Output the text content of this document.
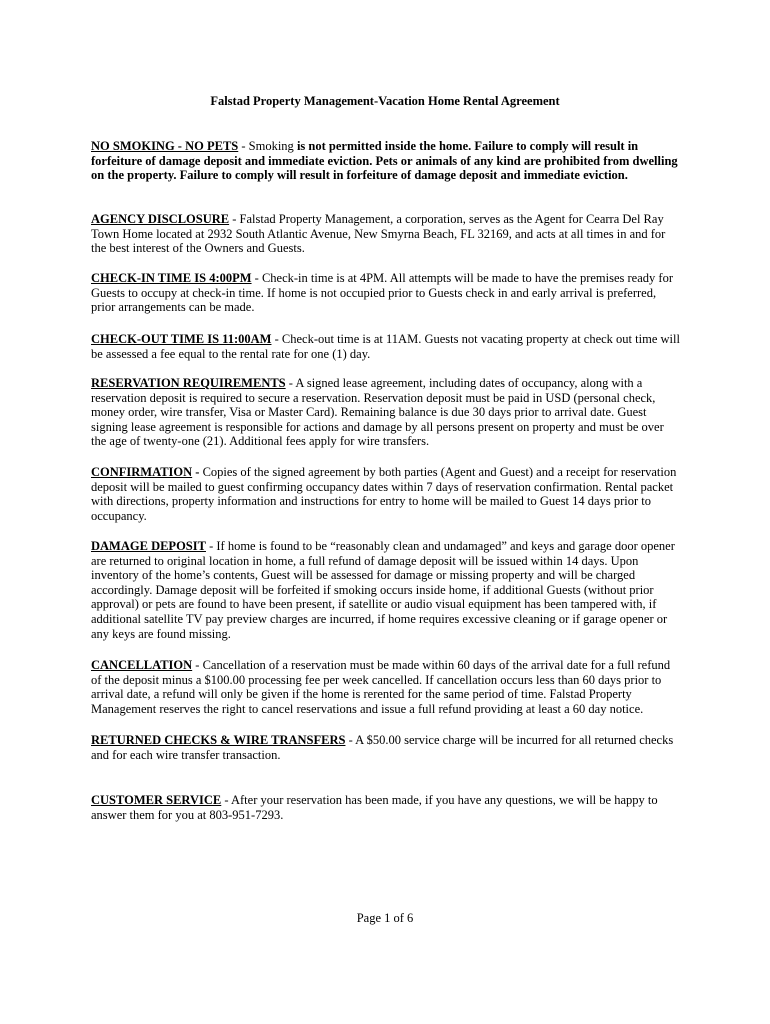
Falstad Property Management-Vacation Home Rental Agreement

NO SMOKING - NO PETS - Smoking is not permitted inside the home. Failure to comply will result in forfeiture of damage deposit and immediate eviction. Pets or animals of any kind are prohibited from dwelling on the property. Failure to comply will result in forfeiture of damage deposit and immediate eviction.

AGENCY DISCLOSURE - Falstad Property Management, a corporation, serves as the Agent for Cearra Del Ray Town Home located at 2932 South Atlantic Avenue, New Smyrna Beach, FL 32169, and acts at all times in and for the best interest of the Owners and Guests.

CHECK-IN TIME IS 4:00PM - Check-in time is at 4PM. All attempts will be made to have the premises ready for Guests to occupy at check-in time. If home is not occupied prior to Guests check in and early arrival is preferred, prior arrangements can be made.

CHECK-OUT TIME IS 11:00AM - Check-out time is at 11AM. Guests not vacating property at check out time will be assessed a fee equal to the rental rate for one (1) day.

RESERVATION REQUIREMENTS - A signed lease agreement, including dates of occupancy, along with a reservation deposit is required to secure a reservation. Reservation deposit must be paid in USD (personal check, money order, wire transfer, Visa or Master Card). Remaining balance is due 30 days prior to arrival date. Guest signing lease agreement is responsible for actions and damage by all persons present on property and must be over the age of twenty-one (21). Additional fees apply for wire transfers.

CONFIRMATION - Copies of the signed agreement by both parties (Agent and Guest) and a receipt for reservation deposit will be mailed to guest confirming occupancy dates within 7 days of reservation confirmation. Rental packet with directions, property information and instructions for entry to home will be mailed to Guest 14 days prior to occupancy.

DAMAGE DEPOSIT - If home is found to be “reasonably clean and undamaged” and keys and garage door opener are returned to original location in home, a full refund of damage deposit will be issued within 14 days. Upon inventory of the home’s contents, Guest will be assessed for damage or missing property and will be charged accordingly. Damage deposit will be forfeited if smoking occurs inside home, if additional Guests (without prior approval) or pets are found to have been present, if satellite or audio visual equipment has been tampered with, if additional satellite TV pay preview charges are incurred, if home requires excessive cleaning or if garage opener or any keys are found missing.

CANCELLATION - Cancellation of a reservation must be made within 60 days of the arrival date for a full refund of the deposit minus a $100.00 processing fee per week cancelled. If cancellation occurs less than 60 days prior to arrival date, a refund will only be given if the home is rerented for the same period of time. Falstad Property Management reserves the right to cancel reservations and issue a full refund providing at least a 60 day notice.

RETURNED CHECKS & WIRE TRANSFERS - A $50.00 service charge will be incurred for all returned checks and for each wire transfer transaction.

CUSTOMER SERVICE - After your reservation has been made, if you have any questions, we will be happy to answer them for you at 803-951-7293.

Page 1 of 6
